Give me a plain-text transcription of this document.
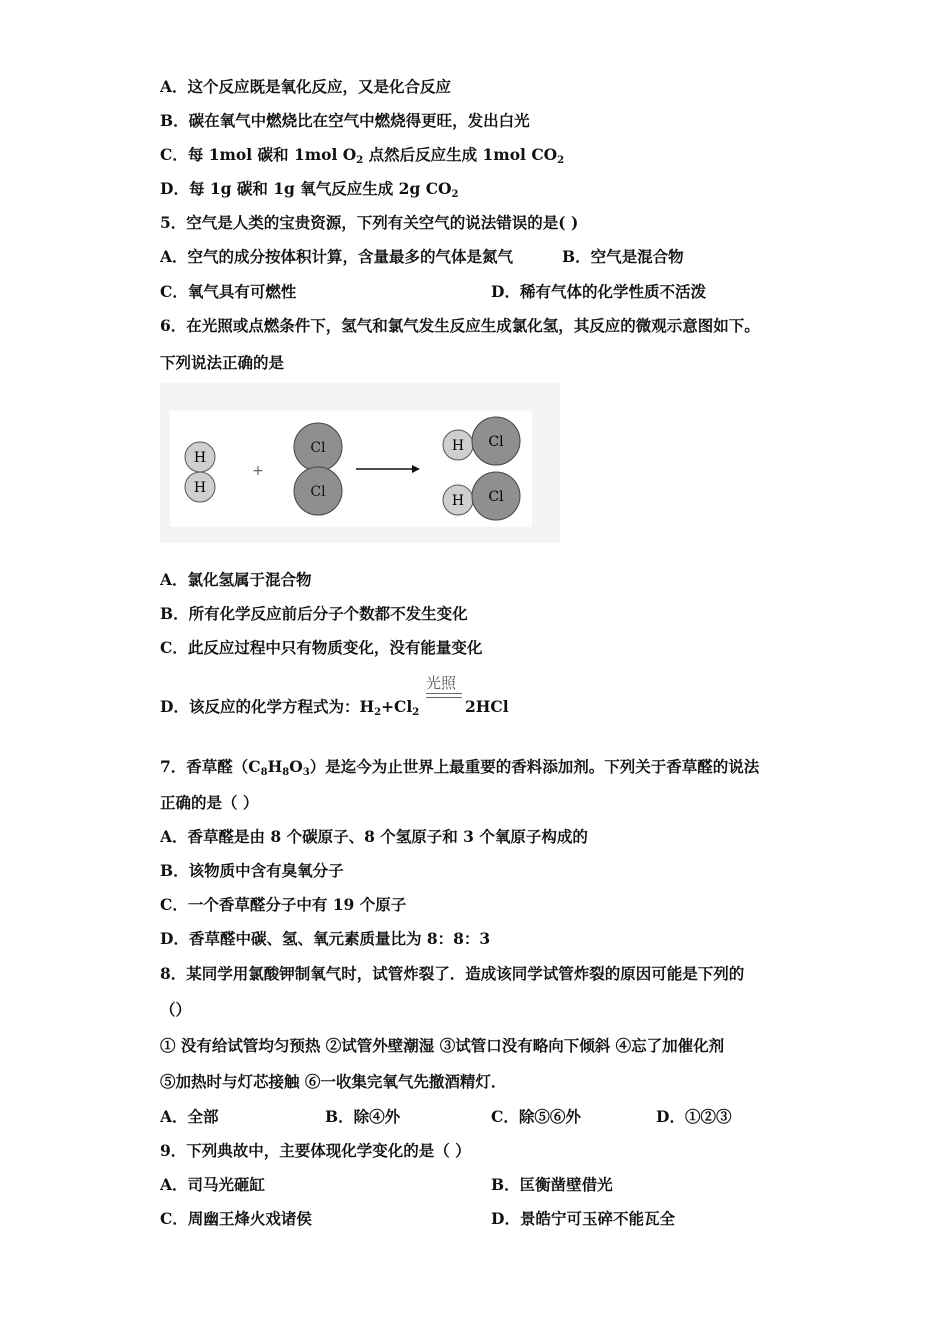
A．这个反应既是氧化反应，又是化合反应
B．碳在氧气中燃烧比在空气中燃烧得更旺，发出白光
C．每 1mol 碳和 1mol $O_2$ 点然后反应生成 1mol $CO_2$
D．每 1g 碳和 1g 氧气反应生成 2g $CO_2$
5．空气是人类的宝贵资源，下列有关空气的说法错误的是( )
A．空气的成分按体积计算，含量最多的气体是氮气	B．空气是混合物
C．氧气具有可燃性	D．稀有气体的化学性质不活泼
6．在光照或点燃条件下，氢气和氯气发生反应生成氯化氢，其反应的微观示意图如下。
下列说法正确的是
H
H
+
Cl
Cl
H Cl
H Cl
A．氯化氢属于混合物
B．所有化学反应前后分子个数都不发生变化
C．此反应过程中只有物质变化，没有能量变化
光照
D．该反应的化学方程式为：$H_2+Cl_2$	2HCl
7．香草醛$(C_8H_8O_3)$是迄今为止世界上最重要的香料添加剂。下列关于香草醛的说法
正确的是（ ）
A．香草醛是由 8 个碳原子、8 个氢原子和 3 个氧原子构成的
B．该物质中含有臭氧分子
C．一个香草醛分子中有 19 个原子
D．香草醛中碳、氢、氧元素质量比为 8：8：3
8．某同学用氯酸钾制氧气时，试管炸裂了．造成该同学试管炸裂的原因可能是下列的
（）
① 没有给试管均匀预热 ②试管外壁潮湿 ③试管口没有略向下倾斜 ④忘了加催化剂
⑤加热时与灯芯接触 ⑥一收集完氧气先撤酒精灯．
A．全部	B．除④外	C．除⑤⑥外	D．①②③
9．下列典故中，主要体现化学变化的是（ ）
A．司马光砸缸	B．匡衡凿壁借光
C．周幽王烽火戏诸侯	D．景皓宁可玉碎不能瓦全
